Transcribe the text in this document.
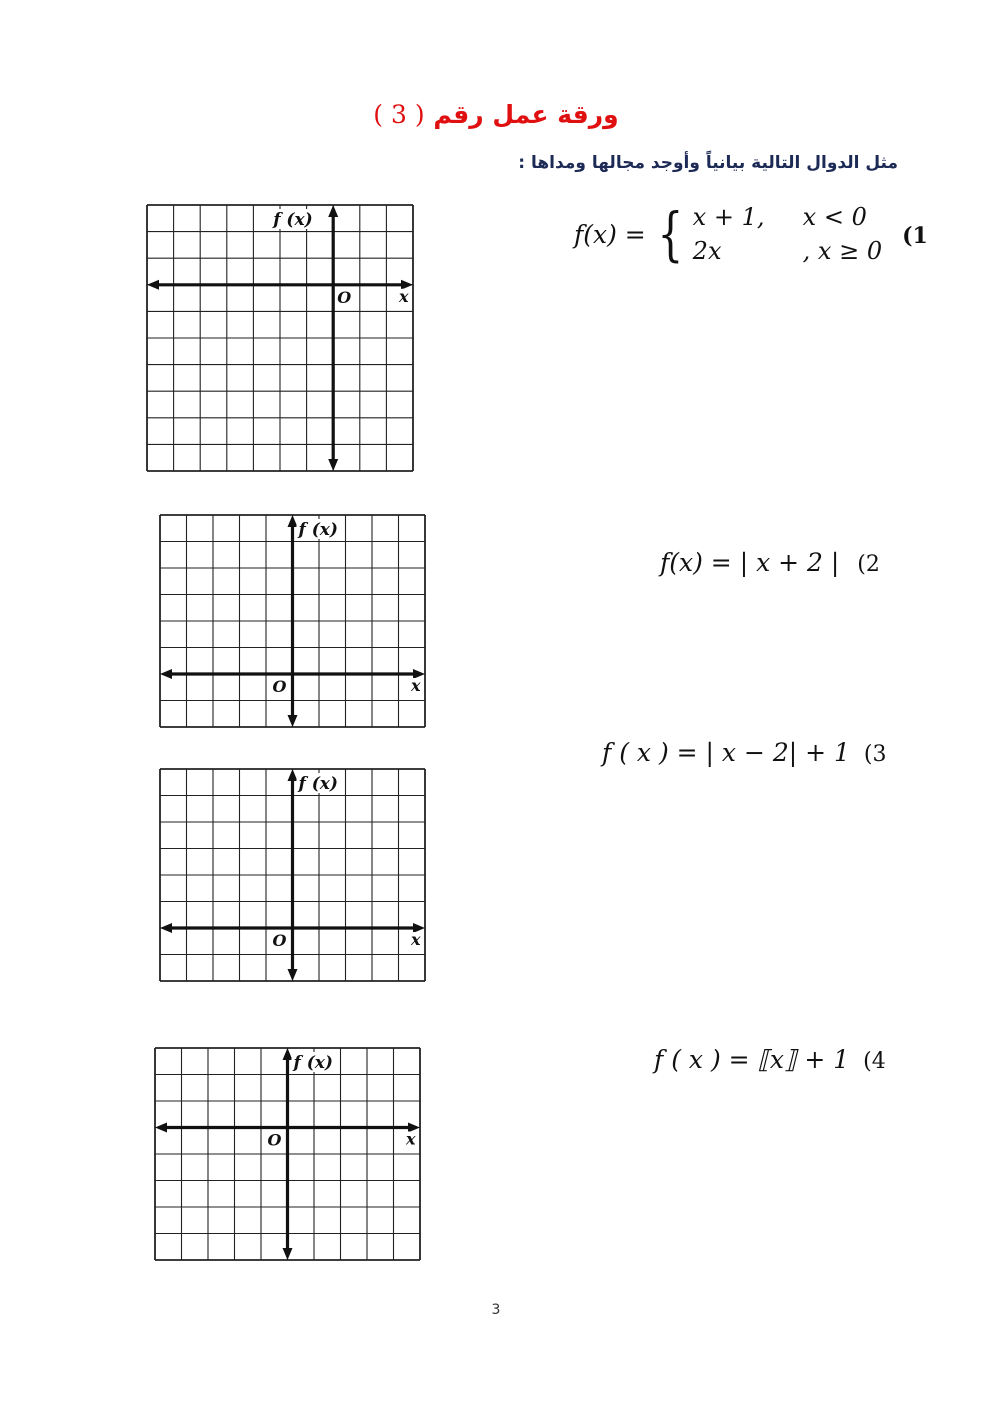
ورقة عمل رقم ( 3 )
مثل الدوال التالية بيانياً وأوجد مجالها ومداها :
f(x) = { x + 1,	x < 0
2x	, x ≥ 0
(1
f(x) = | x + 2 | (2
f ( x ) = | x − 2| + 1 (3
f ( x ) = ⟦x⟧ + 1 (4
f (x)
x
O
f (x)
x
O
f (x)
x
O
f (x)
x
O
3
